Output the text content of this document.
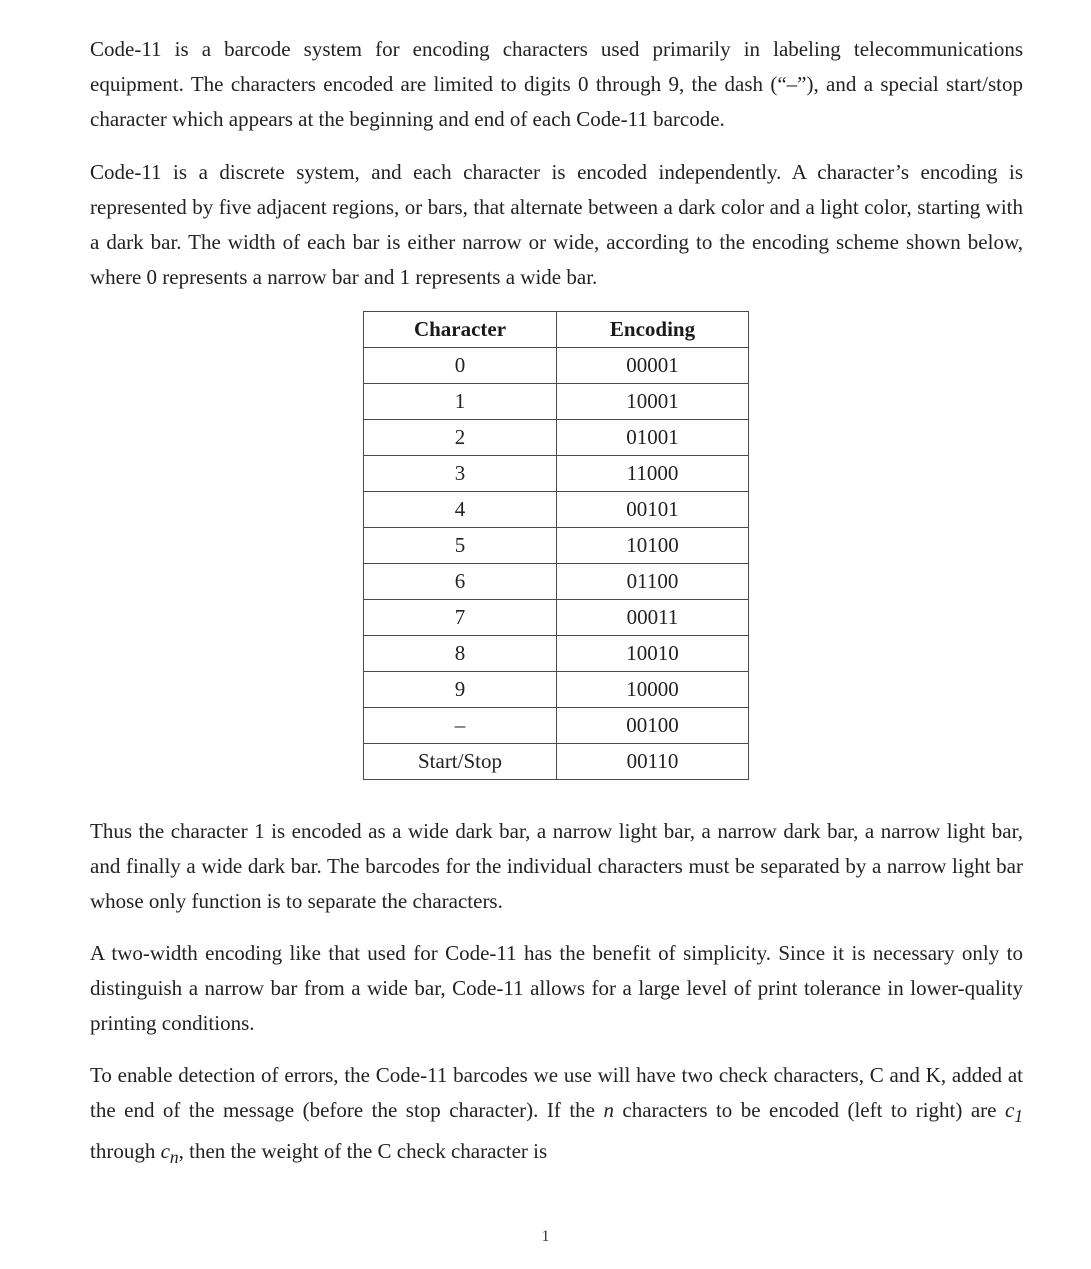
Code-11 is a barcode system for encoding characters used primarily in labeling telecommunications equipment. The characters encoded are limited to digits 0 through 9, the dash (“–”), and a special start/stop character which appears at the beginning and end of each Code-11 barcode.

Code-11 is a discrete system, and each character is encoded independently. A character’s encoding is represented by five adjacent regions, or bars, that alternate between a dark color and a light color, starting with a dark bar. The width of each bar is either narrow or wide, according to the encoding scheme shown below, where 0 represents a narrow bar and 1 represents a wide bar.

Character	Encoding
0	00001
1	10001
2	01001
3	11000
4	00101
5	10100
6	01100
7	00011
8	10010
9	10000
–	00100
Start/Stop	00110

Thus the character 1 is encoded as a wide dark bar, a narrow light bar, a narrow dark bar, a narrow light bar, and finally a wide dark bar. The barcodes for the individual characters must be separated by a narrow light bar whose only function is to separate the characters.

A two-width encoding like that used for Code-11 has the benefit of simplicity. Since it is necessary only to distinguish a narrow bar from a wide bar, Code-11 allows for a large level of print tolerance in lower-quality printing conditions.

To enable detection of errors, the Code-11 barcodes we use will have two check characters, C and K, added at the end of the message (before the stop character). If the n characters to be encoded (left to right) are $c_1$ through $c_n$, then the weight of the C check character is

1
